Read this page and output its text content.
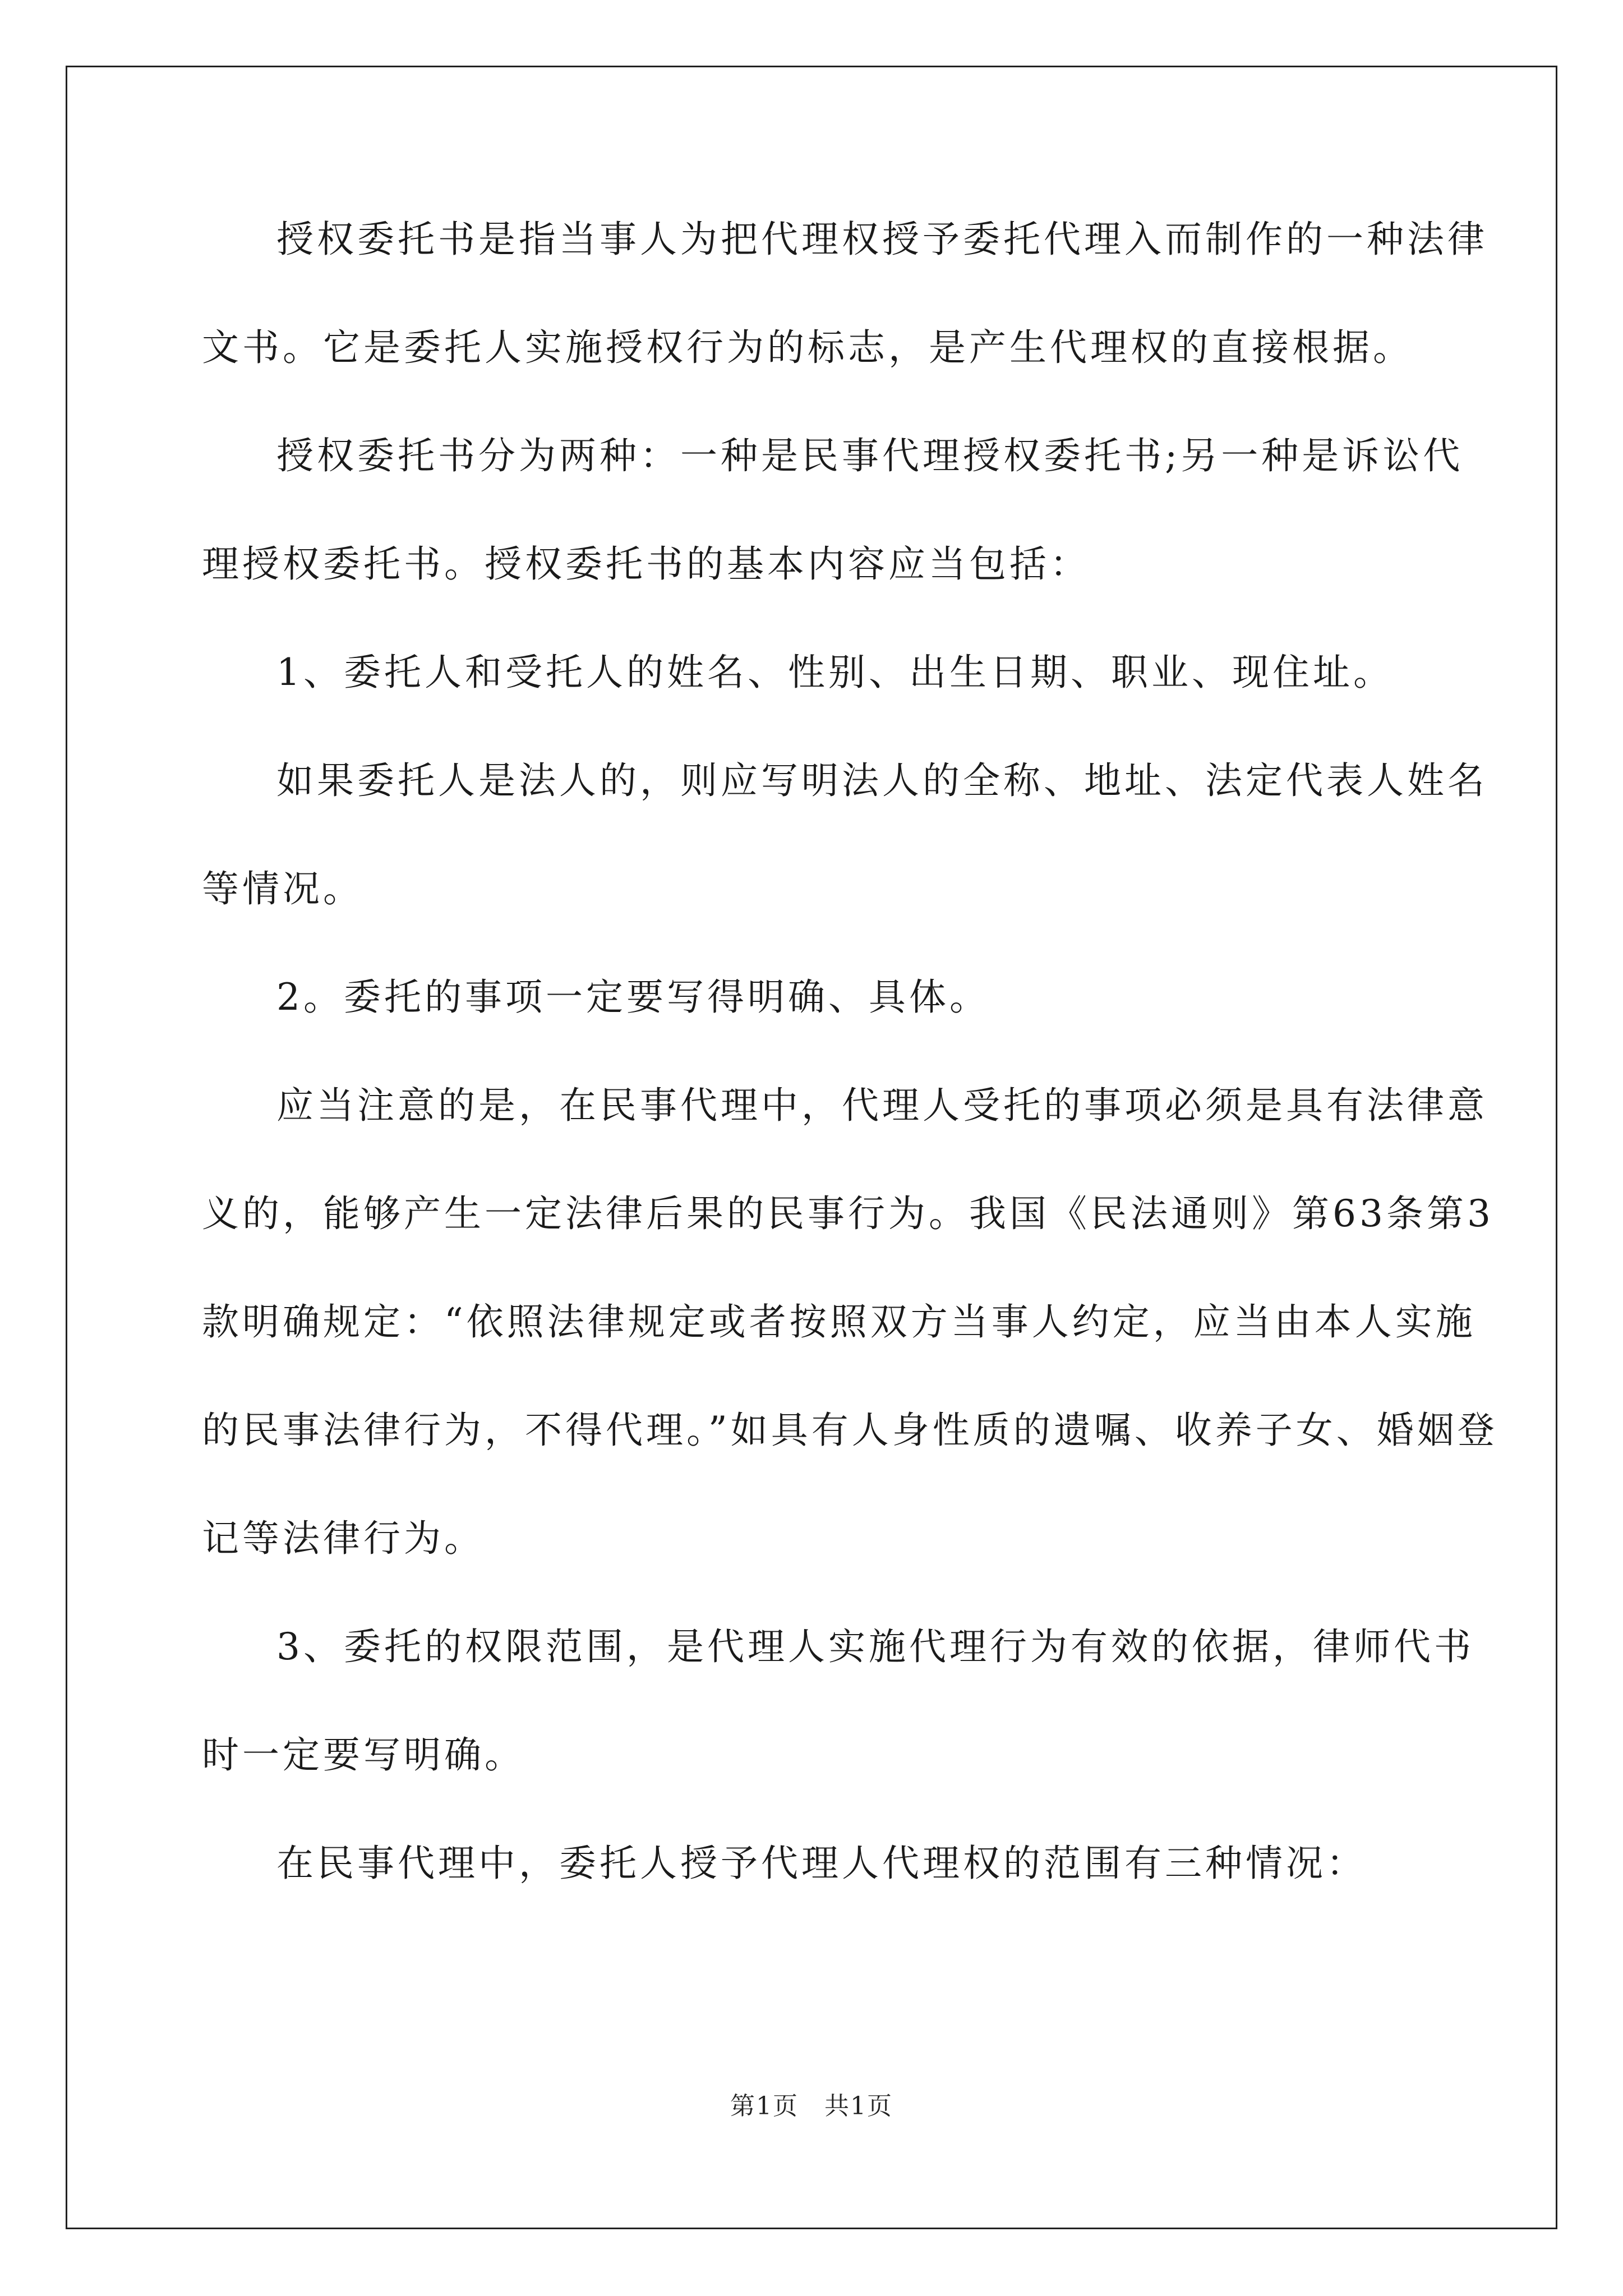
授权委托书是指当事人为把代理权授予委托代理入而制作的一种法律文书。它是委托人实施授权行为的标志，是产生代理权的直接根据。

授权委托书分为两种：一种是民事代理授权委托书;另一种是诉讼代理授权委托书。授权委托书的基本内容应当包括：

1、委托人和受托人的姓名、性别、出生日期、职业、现住址。

如果委托人是法人的，则应写明法人的全称、地址、法定代表人姓名等情况。

2。委托的事项一定要写得明确、具体。

应当注意的是，在民事代理中，代理人受托的事项必须是具有法律意义的，能够产生一定法律后果的民事行为。我国《民法通则》第63条第3款明确规定：“依照法律规定或者按照双方当事人约定，应当由本人实施的民事法律行为，不得代理。”如具有人身性质的遗嘱、收养子女、婚姻登记等法律行为。

3、委托的权限范围，是代理人实施代理行为有效的依据，律师代书时一定要写明确。

在民事代理中，委托人授予代理人代理权的范围有三种情况：

第1页　共1页
